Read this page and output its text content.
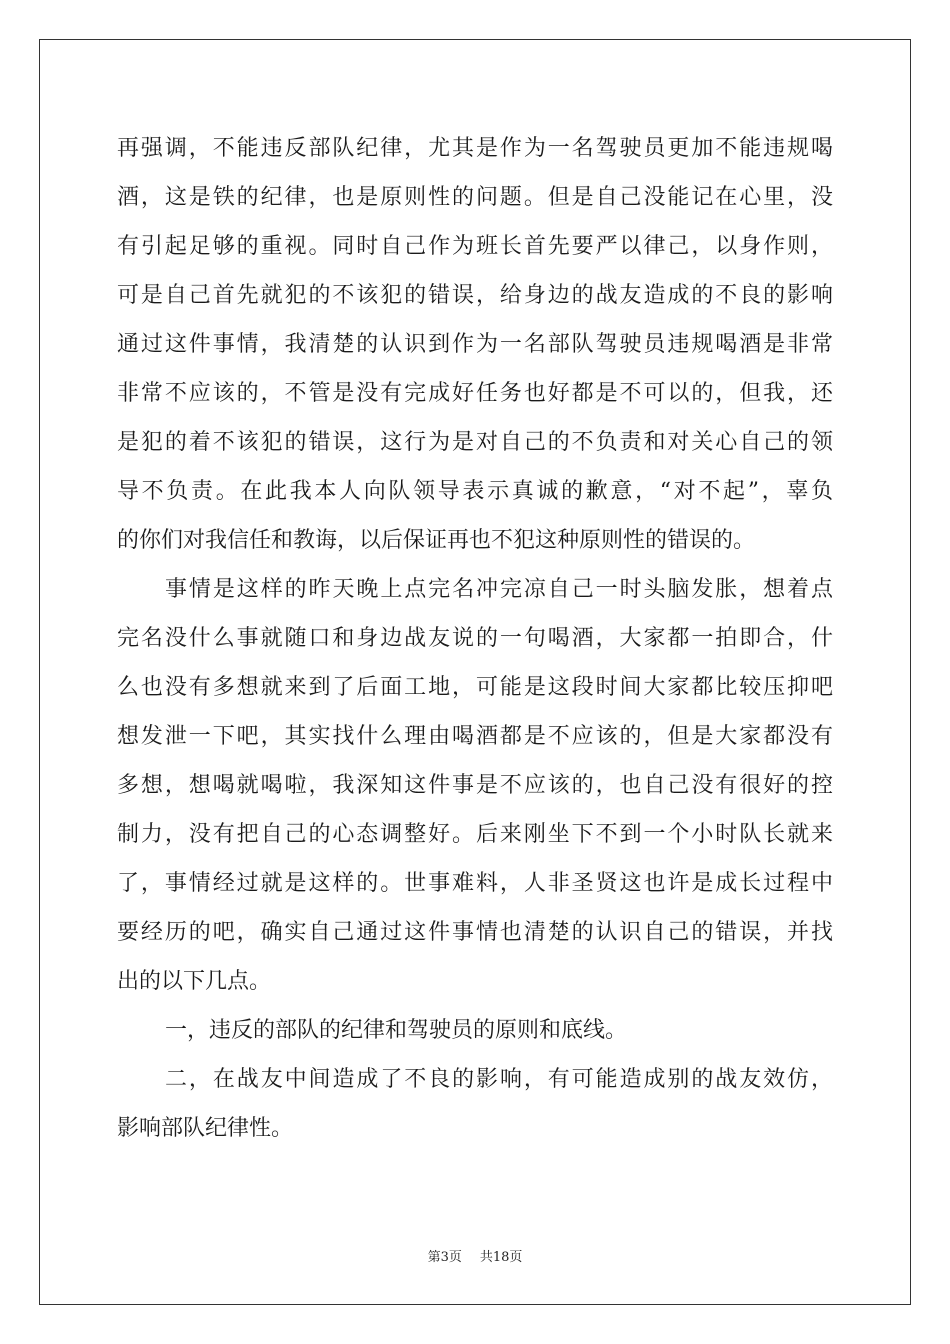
再强调，不能违反部队纪律，尤其是作为一名驾驶员更加不能违规喝
酒，这是铁的纪律，也是原则性的问题。但是自己没能记在心里，没
有引起足够的重视。同时自己作为班长首先要严以律己，以身作则，
可是自己首先就犯的不该犯的错误，给身边的战友造成的不良的影响
通过这件事情，我清楚的认识到作为一名部队驾驶员违规喝酒是非常
非常不应该的，不管是没有完成好任务也好都是不可以的，但我，还
是犯的着不该犯的错误，这行为是对自己的不负责和对关心自己的领
导不负责。在此我本人向队领导表示真诚的歉意，“对不起”，辜负
的你们对我信任和教诲，以后保证再也不犯这种原则性的错误的。
事情是这样的昨天晚上点完名冲完凉自己一时头脑发胀，想着点
完名没什么事就随口和身边战友说的一句喝酒，大家都一拍即合，什
么也没有多想就来到了后面工地，可能是这段时间大家都比较压抑吧
想发泄一下吧，其实找什么理由喝酒都是不应该的，但是大家都没有
多想，想喝就喝啦，我深知这件事是不应该的，也自己没有很好的控
制力，没有把自己的心态调整好。后来刚坐下不到一个小时队长就来
了，事情经过就是这样的。世事难料，人非圣贤这也许是成长过程中
要经历的吧，确实自己通过这件事情也清楚的认识自己的错误，并找
出的以下几点。
一，违反的部队的纪律和驾驶员的原则和底线。
二，在战友中间造成了不良的影响，有可能造成别的战友效仿，
影响部队纪律性。
第3页 共18页
